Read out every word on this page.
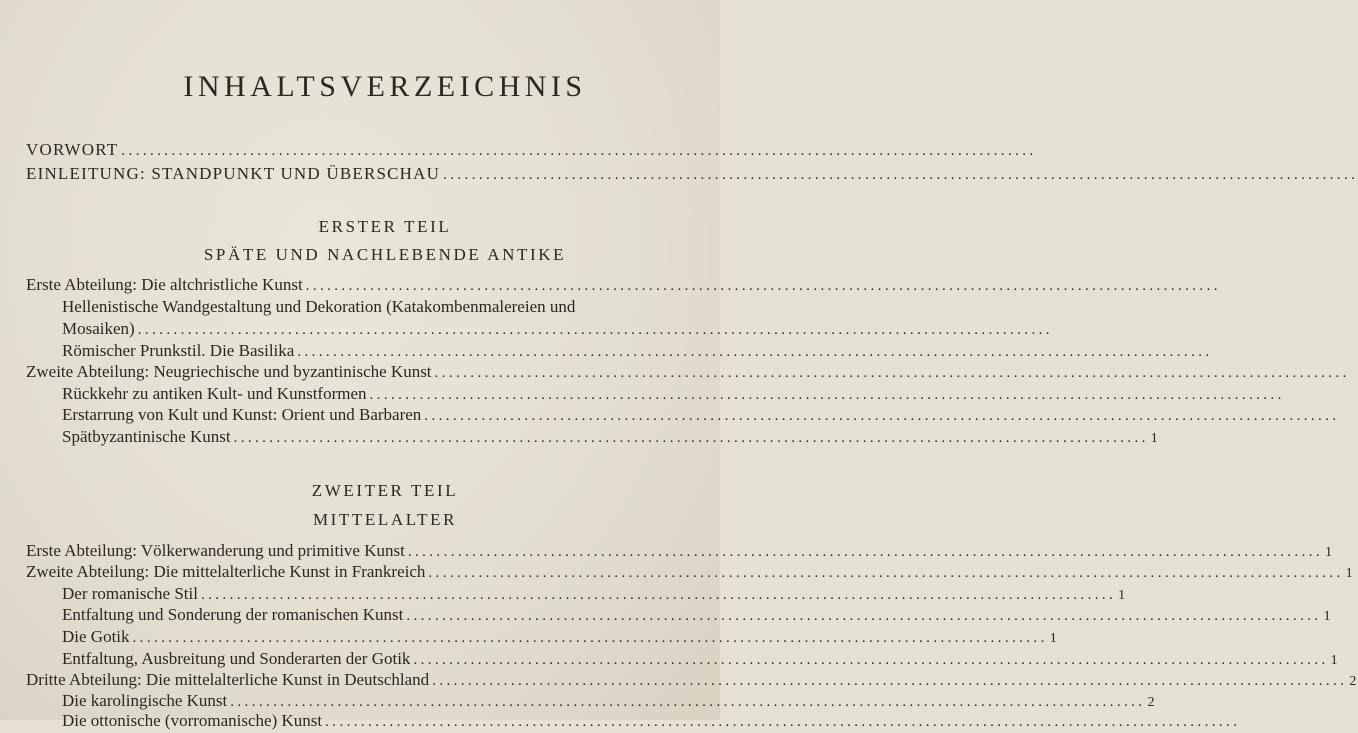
INHALTSVERZEICHNIS
VORWORT ................................................................................................................................
EINLEITUNG: STANDPUNKT UND ÜBERSCHAU ................................................................................................................................
ERSTER TEIL
SPÄTE UND NACHLEBENDE ANTIKE
Erste Abteilung: Die altchristliche Kunst ................................................................................................................................
Hellenistische Wandgestaltung und Dekoration (Katakombenmalereien und
Mosaiken) ................................................................................................................................
Römischer Prunkstil. Die Basilika ................................................................................................................................
Zweite Abteilung: Neugriechische und byzantinische Kunst ................................................................................................................................
Rückkehr zu antiken Kult- und Kunstformen ................................................................................................................................
Erstarrung von Kult und Kunst: Orient und Barbaren ................................................................................................................................
Spätbyzantinische Kunst ................................................................................................................................ 1
ZWEITER TEIL
MITTELALTER
Erste Abteilung: Völkerwanderung und primitive Kunst ................................................................................................................................ 1
Zweite Abteilung: Die mittelalterliche Kunst in Frankreich ................................................................................................................................ 1
Der romanische Stil ................................................................................................................................ 1
Entfaltung und Sonderung der romanischen Kunst ................................................................................................................................ 1
Die Gotik ................................................................................................................................ 1
Entfaltung, Ausbreitung und Sonderarten der Gotik ................................................................................................................................ 1
Dritte Abteilung: Die mittelalterliche Kunst in Deutschland ................................................................................................................................ 2
Die karolingische Kunst ................................................................................................................................ 2
Die ottonische (vorromanische) Kunst ................................................................................................................................
